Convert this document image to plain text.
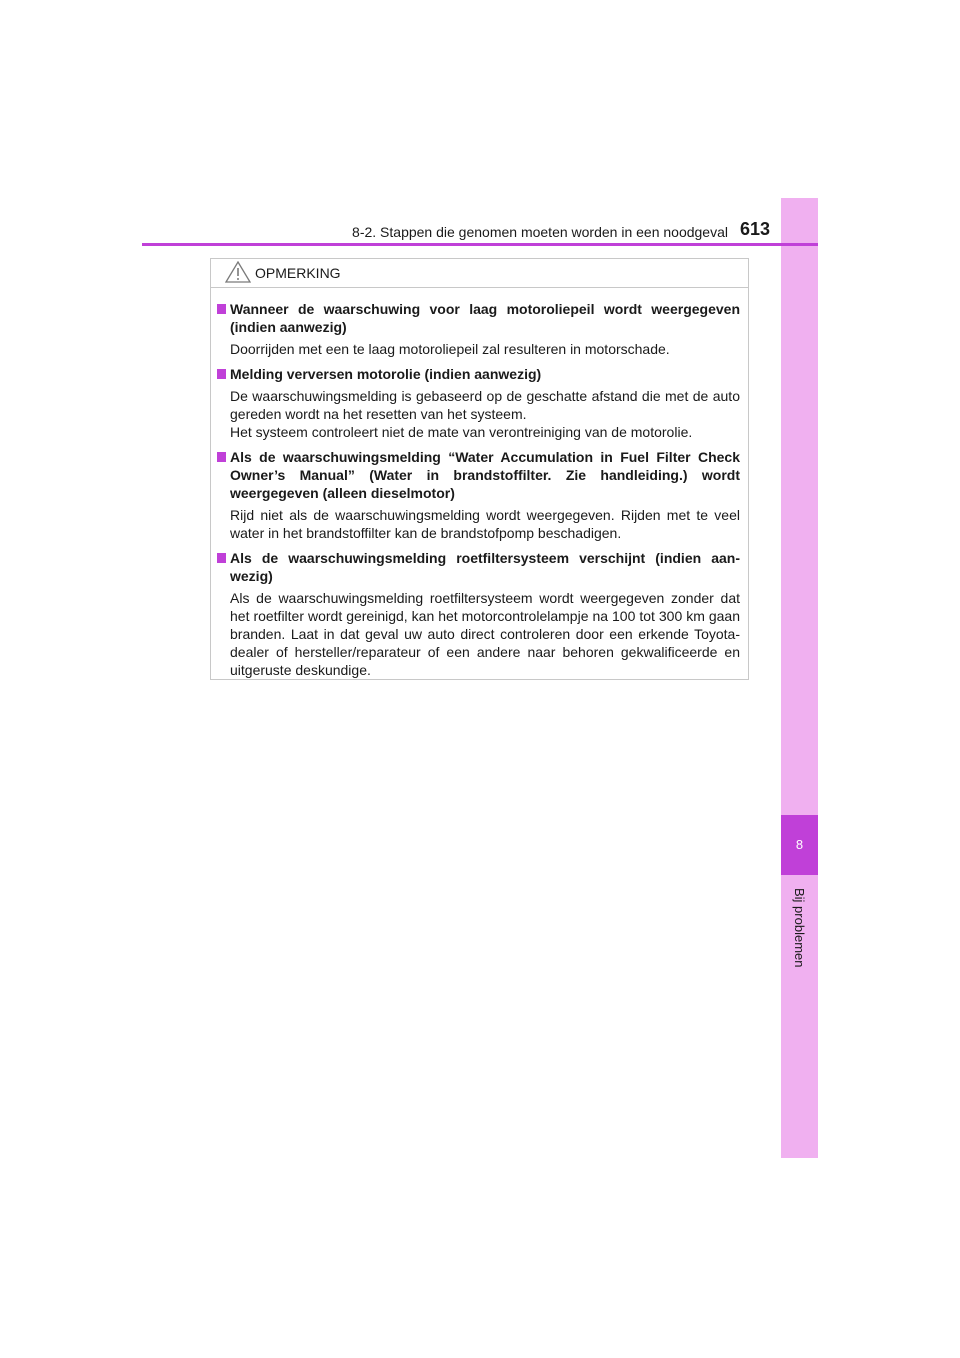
8
Bij problemen
8-2. Stappen die genomen moeten worden in een noodgeval 613
OPMERKING
Wanneer de waarschuwing voor laag motoroliepeil wordt weergegeven (indien aanwezig)
Doorrijden met een te laag motoroliepeil zal resulteren in motorschade.
Melding verversen motorolie (indien aanwezig)
De waarschuwingsmelding is gebaseerd op de geschatte afstand die met de auto gereden wordt na het resetten van het systeem.
Het systeem controleert niet de mate van verontreiniging van de motorolie.
Als de waarschuwingsmelding “Water Accumulation in Fuel Filter Check Owner’s Manual” (Water in brandstoffilter. Zie handleiding.) wordt weergegeven (alleen dieselmotor)
Rijd niet als de waarschuwingsmelding wordt weergegeven. Rijden met te veel water in het brandstoffilter kan de brandstofpomp beschadigen.
Als de waarschuwingsmelding roetfiltersysteem verschijnt (indien aan-wezig)
Als de waarschuwingsmelding roetfiltersysteem wordt weergegeven zonder dat het roetfilter wordt gereinigd, kan het motorcontrolelampje na 100 tot 300 km gaan branden. Laat in dat geval uw auto direct controleren door een erkende Toyota-dealer of hersteller/reparateur of een andere naar behoren gekwalificeerde en uitgeruste deskundige.
